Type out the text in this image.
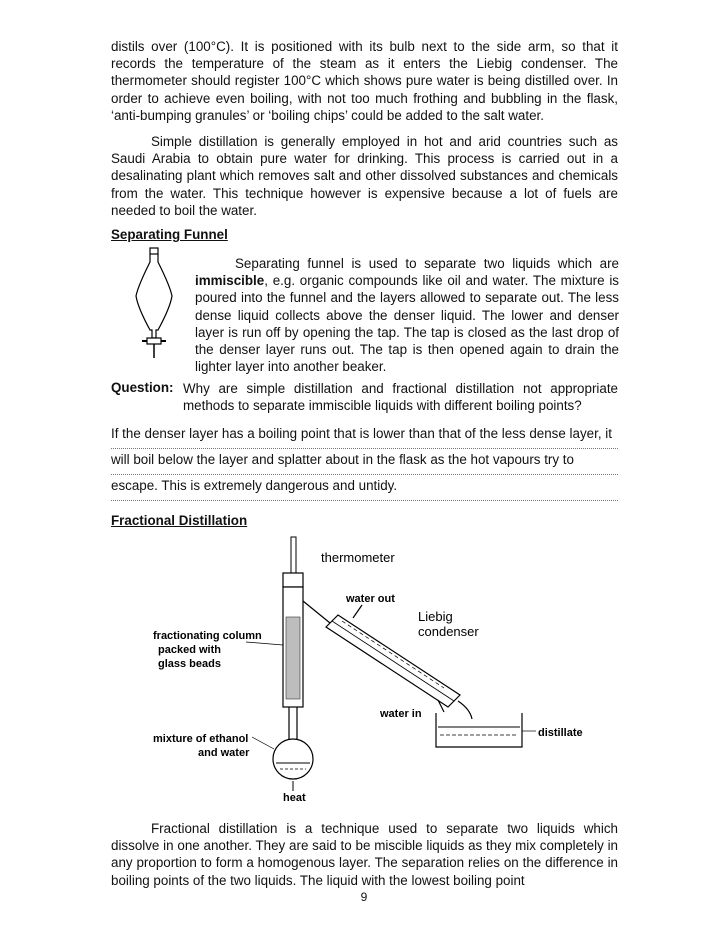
distils over (100°C). It is positioned with its bulb next to the side arm, so that it records the temperature of the steam as it enters the Liebig condenser. The thermometer should register 100°C which shows pure water is being distilled over. In order to achieve even boiling, with not too much frothing and bubbling in the flask, ‘anti-bumping granules’ or ‘boiling chips’ could be added to the salt water.

Simple distillation is generally employed in hot and arid countries such as Saudi Arabia to obtain pure water for drinking. This process is carried out in a desalinating plant which removes salt and other dissolved substances and chemicals from the water. This technique however is expensive because a lot of fuels are needed to boil the water.

Separating Funnel

Separating funnel is used to separate two liquids which are immiscible, e.g. organic compounds like oil and water. The mixture is poured into the funnel and the layers allowed to separate out. The less dense liquid collects above the denser liquid. The lower and denser layer is run off by opening the tap. The tap is closed as the last drop of the denser layer runs out. The tap is then opened again to drain the lighter layer into another beaker.

Question: Why are simple distillation and fractional distillation not appropriate methods to separate immiscible liquids with different boiling points?

If the denser layer has a boiling point that is lower than that of the less dense layer, it

will boil below the layer and splatter about in the flask as the hot vapours try to

escape. This is extremely dangerous and untidy.

Fractional Distillation

thermometer
water out
Liebig
condenser
fractionating column
packed with
glass beads
mixture of ethanol
and water
water in
distillate
heat

Fractional distillation is a technique used to separate two liquids which dissolve in one another. They are said to be miscible liquids as they mix completely in any proportion to form a homogenous layer. The separation relies on the difference in boiling points of the two liquids. The liquid with the lowest boiling point

9
